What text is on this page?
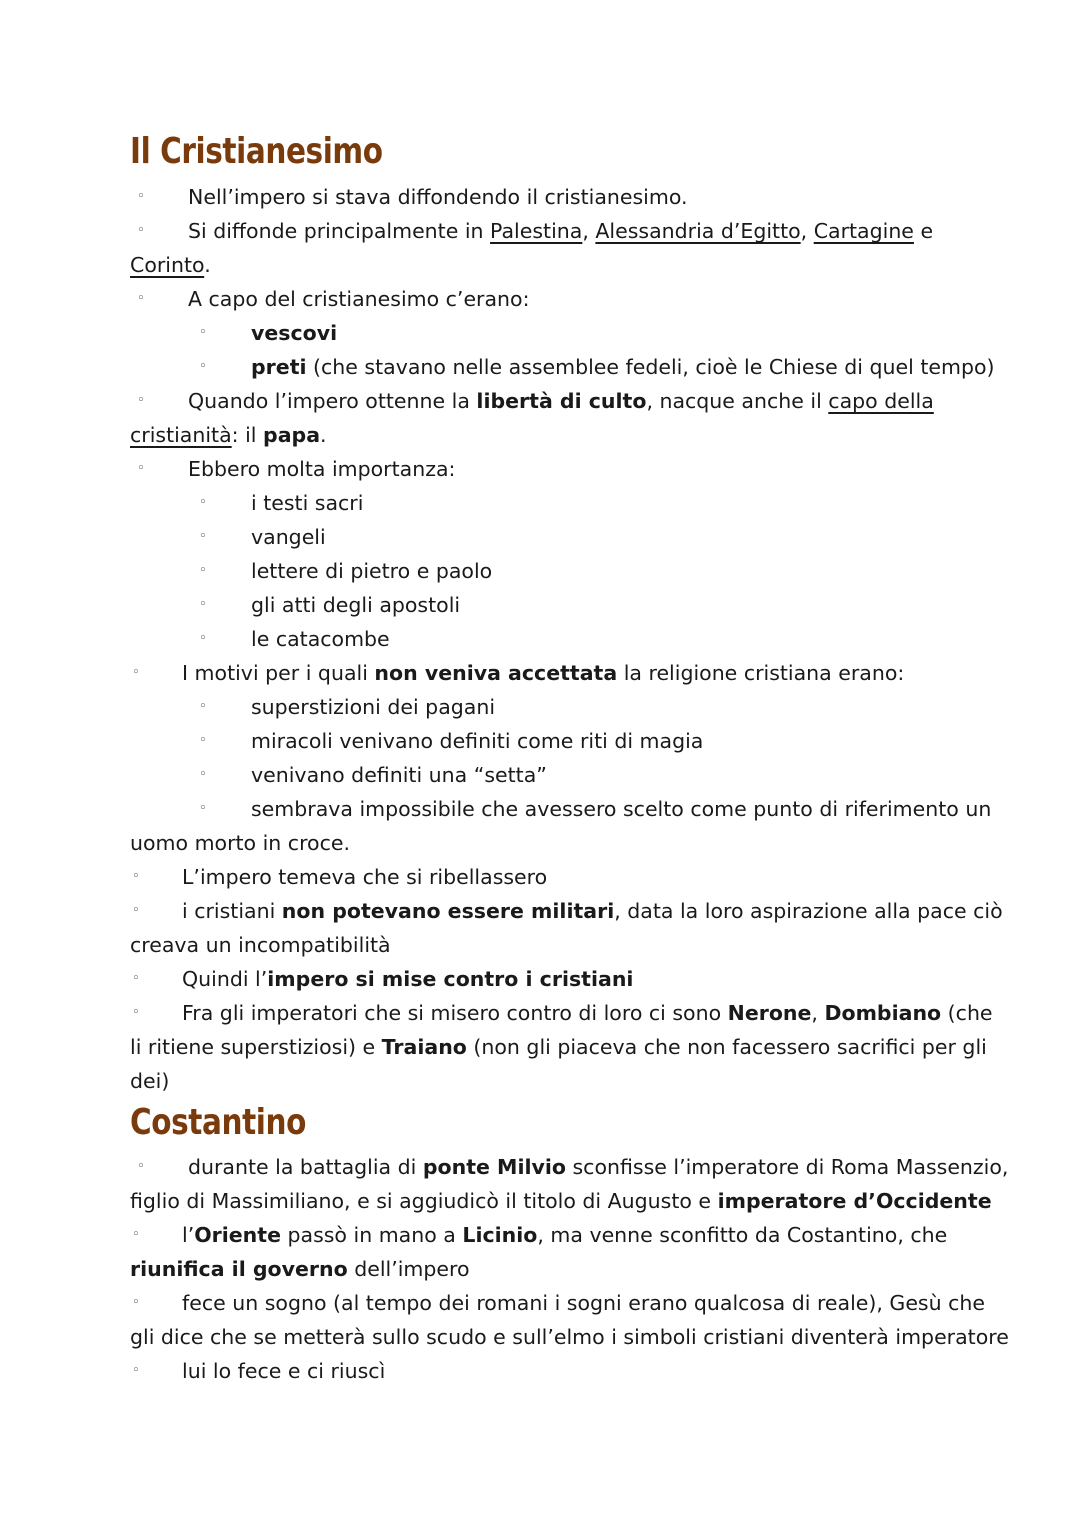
Il Cristianesimo
◦ Nell’impero si stava diffondendo il cristianesimo.
◦ Si diffonde principalmente in Palestina, Alessandria d’Egitto, Cartagine e
Corinto.
◦ A capo del cristianesimo c’erano:
◦ vescovi
◦ preti (che stavano nelle assemblee fedeli, cioè le Chiese di quel tempo)
◦ Quando l’impero ottenne la libertà di culto, nacque anche il capo della
cristianità: il papa.
◦ Ebbero molta importanza:
◦ i testi sacri
◦ vangeli
◦ lettere di pietro e paolo
◦ gli atti degli apostoli
◦ le catacombe
◦ I motivi per i quali non veniva accettata la religione cristiana erano:
◦ superstizioni dei pagani
◦ miracoli venivano definiti come riti di magia
◦ venivano definiti una “setta”
◦ sembrava impossibile che avessero scelto come punto di riferimento un
uomo morto in croce.
◦ L’impero temeva che si ribellassero
◦ i cristiani non potevano essere militari, data la loro aspirazione alla pace ciò
creava un incompatibilità
◦ Quindi l’impero si mise contro i cristiani
◦ Fra gli imperatori che si misero contro di loro ci sono Nerone, Dombiano (che
li ritiene superstiziosi) e Traiano (non gli piaceva che non facessero sacrifici per gli
dei)
Costantino
◦ durante la battaglia di ponte Milvio sconfisse l’imperatore di Roma Massenzio,
figlio di Massimiliano, e si aggiudicò il titolo di Augusto e imperatore d’Occidente
◦ l’Oriente passò in mano a Licinio, ma venne sconfitto da Costantino, che
riunifica il governo dell’impero
◦ fece un sogno (al tempo dei romani i sogni erano qualcosa di reale), Gesù che
gli dice che se metterà sullo scudo e sull’elmo i simboli cristiani diventerà imperatore
◦ lui lo fece e ci riuscì
